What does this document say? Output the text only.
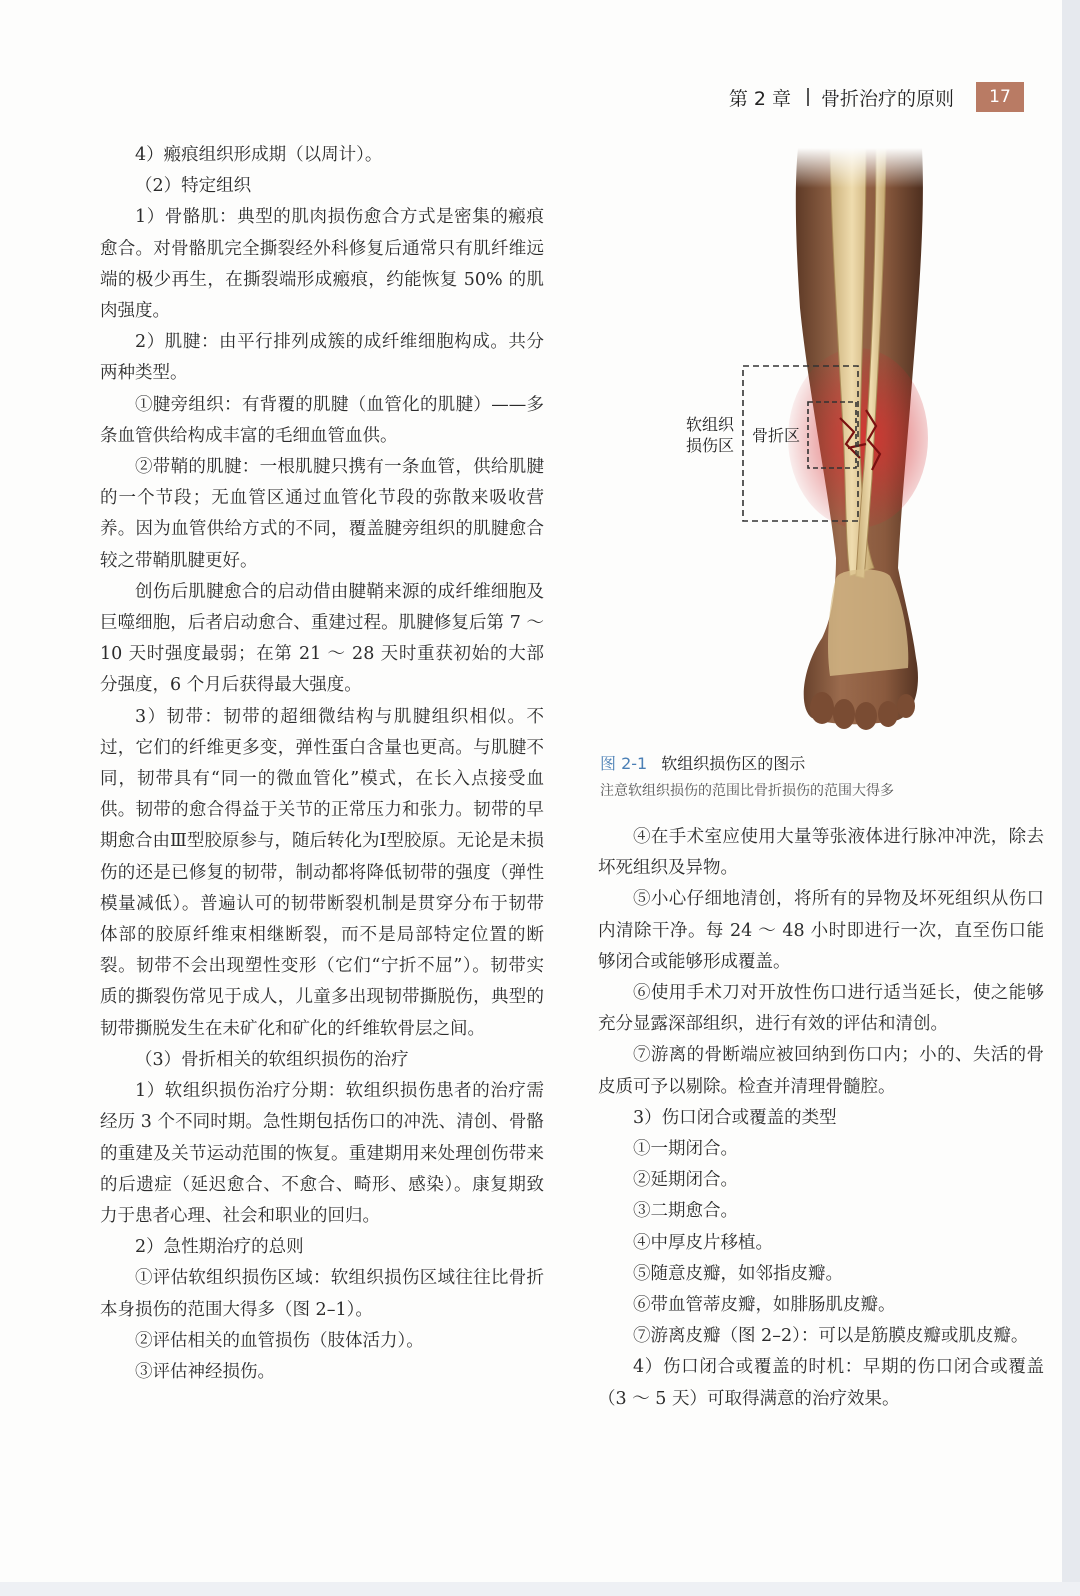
第 2 章 骨折治疗的原则	17

4）瘢痕组织形成期（以周计）。

（2）特定组织

1）骨骼肌：典型的肌肉损伤愈合方式是密集的瘢痕愈合。对骨骼肌完全撕裂经外科修复后通常只有肌纤维远端的极少再生，在撕裂端形成瘢痕，约能恢复 50% 的肌肉强度。

2）肌腱：由平行排列成簇的成纤维细胞构成。共分两种类型。

①腱旁组织：有背覆的肌腱（血管化的肌腱）——多条血管供给构成丰富的毛细血管血供。

②带鞘的肌腱：一根肌腱只携有一条血管，供给肌腱的一个节段；无血管区通过血管化节段的弥散来吸收营养。因为血管供给方式的不同，覆盖腱旁组织的肌腱愈合较之带鞘肌腱更好。

创伤后肌腱愈合的启动借由腱鞘来源的成纤维细胞及巨噬细胞，后者启动愈合、重建过程。肌腱修复后第 7 ～ 10 天时强度最弱；在第 21 ～ 28 天时重获初始的大部分强度，6 个月后获得最大强度。

3）韧带：韧带的超细微结构与肌腱组织相似。不过，它们的纤维更多变，弹性蛋白含量也更高。与肌腱不同，韧带具有“同一的微血管化”模式，在长入点接受血供。韧带的愈合得益于关节的正常压力和张力。韧带的早期愈合由Ⅲ型胶原参与，随后转化为Ⅰ型胶原。无论是未损伤的还是已修复的韧带，制动都将降低韧带的强度（弹性模量减低）。普遍认可的韧带断裂机制是贯穿分布于韧带体部的胶原纤维束相继断裂，而不是局部特定位置的断裂。韧带不会出现塑性变形（它们“宁折不屈”）。韧带实质的撕裂伤常见于成人，儿童多出现韧带撕脱伤，典型的韧带撕脱发生在未矿化和矿化的纤维软骨层之间。

（3）骨折相关的软组织损伤的治疗

1）软组织损伤治疗分期：软组织损伤患者的治疗需经历 3 个不同时期。急性期包括伤口的冲洗、清创、骨骼的重建及关节运动范围的恢复。重建期用来处理创伤带来的后遗症（延迟愈合、不愈合、畸形、感染）。康复期致力于患者心理、社会和职业的回归。

2）急性期治疗的总则

①评估软组织损伤区域：软组织损伤区域往往比骨折本身损伤的范围大得多（图 2–1）。

②评估相关的血管损伤（肢体活力）。

③评估神经损伤。

软组织
损伤区
骨折区
图 2-1 软组织损伤区的图示
注意软组织损伤的范围比骨折损伤的范围大得多

④在手术室应使用大量等张液体进行脉冲冲洗，除去坏死组织及异物。

⑤小心仔细地清创，将所有的异物及坏死组织从伤口内清除干净。每 24 ～ 48 小时即进行一次，直至伤口能够闭合或能够形成覆盖。

⑥使用手术刀对开放性伤口进行适当延长，使之能够充分显露深部组织，进行有效的评估和清创。

⑦游离的骨断端应被回纳到伤口内；小的、失活的骨皮质可予以剔除。检查并清理骨髓腔。

3）伤口闭合或覆盖的类型

①一期闭合。

②延期闭合。

③二期愈合。

④中厚皮片移植。

⑤随意皮瓣，如邻指皮瓣。

⑥带血管蒂皮瓣，如腓肠肌皮瓣。

⑦游离皮瓣（图 2–2）：可以是筋膜皮瓣或肌皮瓣。

4）伤口闭合或覆盖的时机：早期的伤口闭合或覆盖（3 ～ 5 天）可取得满意的治疗效果。
